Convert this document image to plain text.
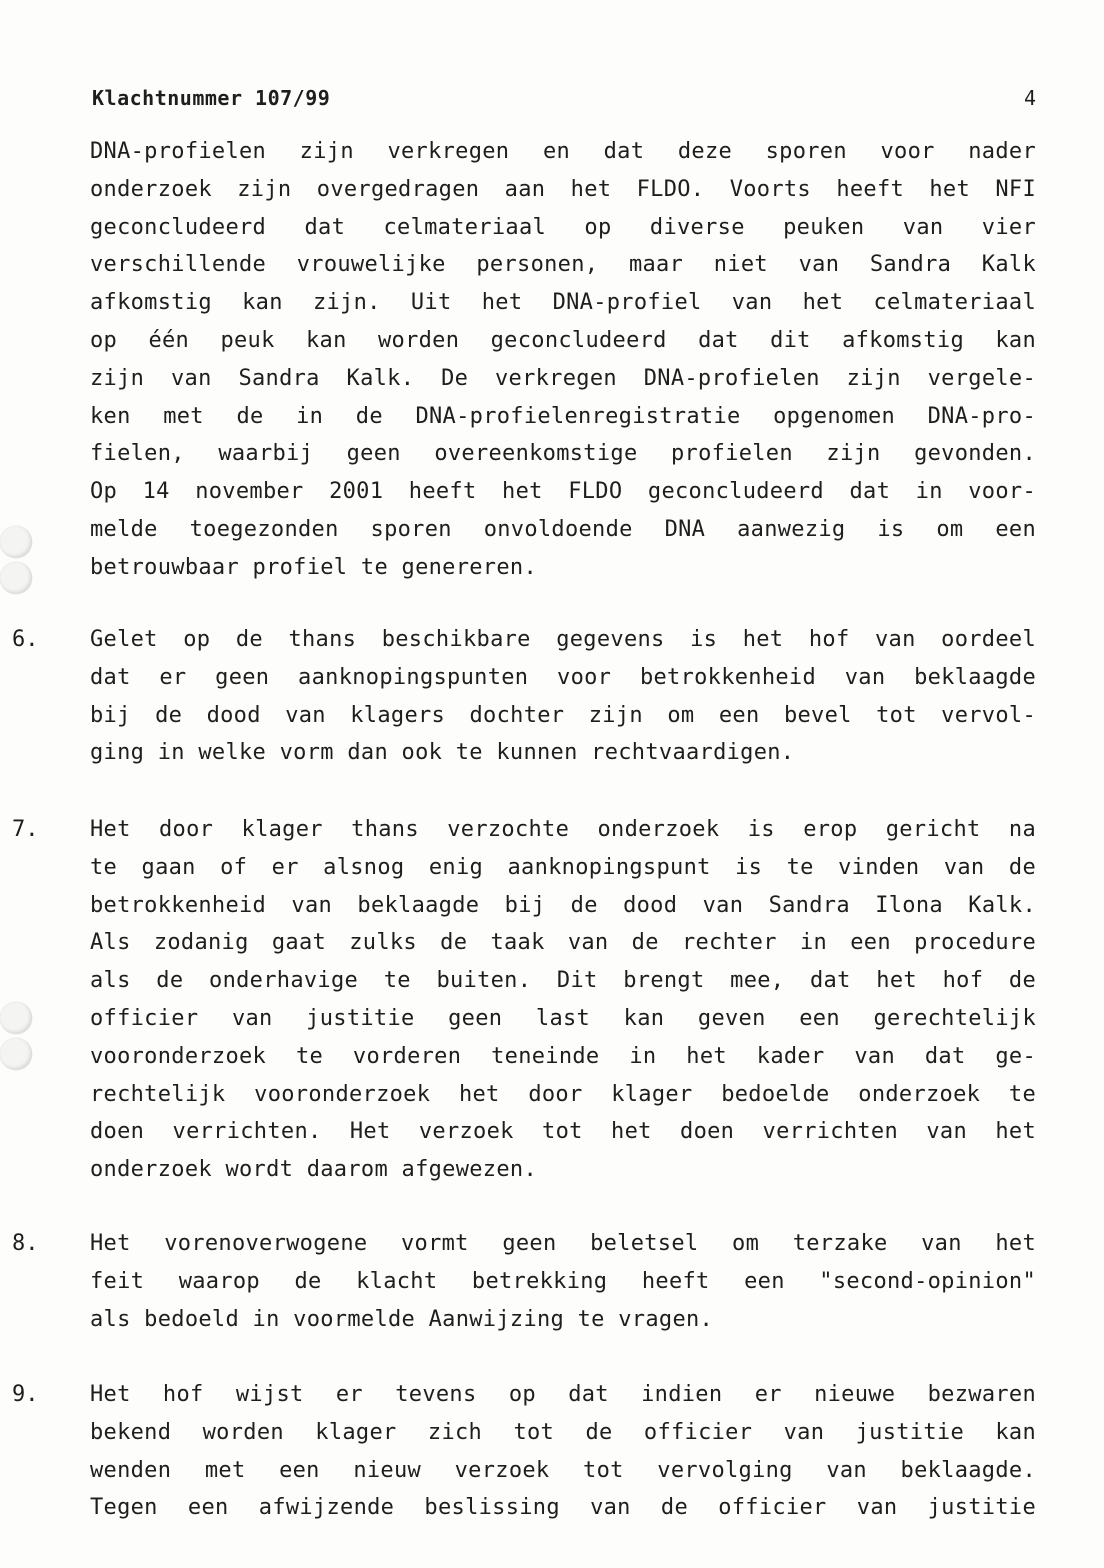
Klachtnummer 107/99	4
DNA-profielen zijn verkregen en dat deze sporen voor nader
onderzoek zijn overgedragen aan het FLDO. Voorts heeft het NFI
geconcludeerd dat celmateriaal op diverse peuken van vier
verschillende vrouwelijke personen, maar niet van Sandra Kalk
afkomstig kan zijn. Uit het DNA-profiel van het celmateriaal
op één peuk kan worden geconcludeerd dat dit afkomstig kan
zijn van Sandra Kalk. De verkregen DNA-profielen zijn vergele-
ken met de in de DNA-profielenregistratie opgenomen DNA-pro-
fielen, waarbij geen overeenkomstige profielen zijn gevonden.
Op 14 november 2001 heeft het FLDO geconcludeerd dat in voor-
melde toegezonden sporen onvoldoende DNA aanwezig is om een
betrouwbaar profiel te genereren.
6. Gelet op de thans beschikbare gegevens is het hof van oordeel
dat er geen aanknopingspunten voor betrokkenheid van beklaagde
bij de dood van klagers dochter zijn om een bevel tot vervol-
ging in welke vorm dan ook te kunnen rechtvaardigen.
7. Het door klager thans verzochte onderzoek is erop gericht na
te gaan of er alsnog enig aanknopingspunt is te vinden van de
betrokkenheid van beklaagde bij de dood van Sandra Ilona Kalk.
Als zodanig gaat zulks de taak van de rechter in een procedure
als de onderhavige te buiten. Dit brengt mee, dat het hof de
officier van justitie geen last kan geven een gerechtelijk
vooronderzoek te vorderen teneinde in het kader van dat ge-
rechtelijk vooronderzoek het door klager bedoelde onderzoek te
doen verrichten. Het verzoek tot het doen verrichten van het
onderzoek wordt daarom afgewezen.
8. Het vorenoverwogene vormt geen beletsel om terzake van het
feit waarop de klacht betrekking heeft een "second-opinion"
als bedoeld in voormelde Aanwijzing te vragen.
9. Het hof wijst er tevens op dat indien er nieuwe bezwaren
bekend worden klager zich tot de officier van justitie kan
wenden met een nieuw verzoek tot vervolging van beklaagde.
Tegen een afwijzende beslissing van de officier van justitie
